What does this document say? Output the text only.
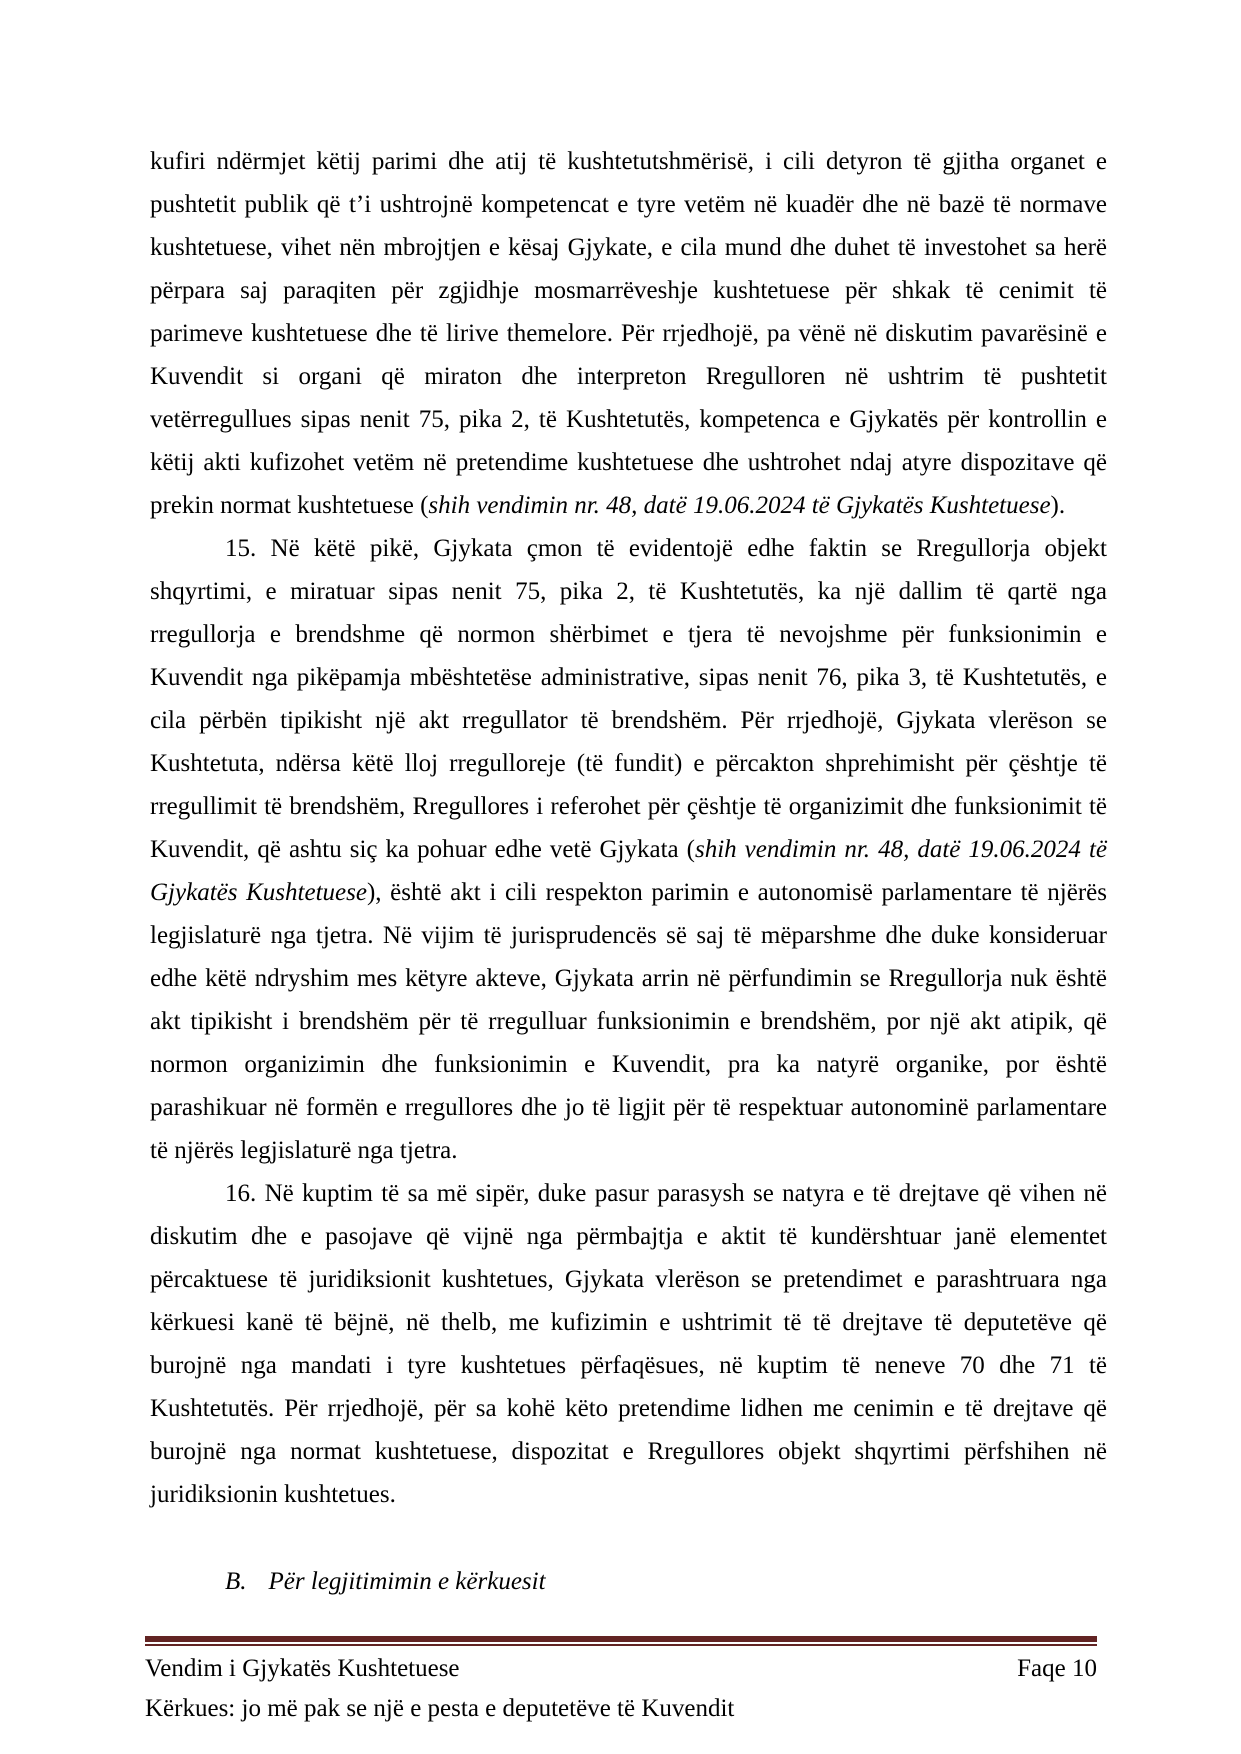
kufiri ndërmjet këtij parimi dhe atij të kushtetutshmërisë, i cili detyron të gjitha organet e pushtetit publik që t’i ushtrojnë kompetencat e tyre vetëm në kuadër dhe në bazë të normave kushtetuese, vihet nën mbrojtjen e kësaj Gjykate, e cila mund dhe duhet të investohet sa herë përpara saj paraqiten për zgjidhje mosmarrëveshje kushtetuese për shkak të cenimit të parimeve kushtetuese dhe të lirive themelore. Për rrjedhojë, pa vënë në diskutim pavarësinë e Kuvendit si organi që miraton dhe interpreton Rregulloren në ushtrim të pushtetit vetërregullues sipas nenit 75, pika 2, të Kushtetutës, kompetenca e Gjykatës për kontrollin e këtij akti kufizohet vetëm në pretendime kushtetuese dhe ushtrohet ndaj atyre dispozitave që prekin normat kushtetuese (shih vendimin nr. 48, datë 19.06.2024 të Gjykatës Kushtetuese).

15. Në këtë pikë, Gjykata çmon të evidentojë edhe faktin se Rregullorja objekt shqyrtimi, e miratuar sipas nenit 75, pika 2, të Kushtetutës, ka një dallim të qartë nga rregullorja e brendshme që normon shërbimet e tjera të nevojshme për funksionimin e Kuvendit nga pikëpamja mbështetëse administrative, sipas nenit 76, pika 3, të Kushtetutës, e cila përbën tipikisht një akt rregullator të brendshëm. Për rrjedhojë, Gjykata vlerëson se Kushtetuta, ndërsa këtë lloj rregulloreje (të fundit) e përcakton shprehimisht për çështje të rregullimit të brendshëm, Rregullores i referohet për çështje të organizimit dhe funksionimit të Kuvendit, që ashtu siç ka pohuar edhe vetë Gjykata (shih vendimin nr. 48, datë 19.06.2024 të Gjykatës Kushtetuese), është akt i cili respekton parimin e autonomisë parlamentare të njërës legjislaturë nga tjetra. Në vijim të jurisprudencës së saj të mëparshme dhe duke konsideruar edhe këtë ndryshim mes këtyre akteve, Gjykata arrin në përfundimin se Rregullorja nuk është akt tipikisht i brendshëm për të rregulluar funksionimin e brendshëm, por një akt atipik, që normon organizimin dhe funksionimin e Kuvendit, pra ka natyrë organike, por është parashikuar në formën e rregullores dhe jo të ligjit për të respektuar autonominë parlamentare të njërës legjislaturë nga tjetra.

16. Në kuptim të sa më sipër, duke pasur parasysh se natyra e të drejtave që vihen në diskutim dhe e pasojave që vijnë nga përmbajtja e aktit të kundërshtuar janë elementet përcaktuese të juridiksionit kushtetues, Gjykata vlerëson se pretendimet e parashtruara nga kërkuesi kanë të bëjnë, në thelb, me kufizimin e ushtrimit të të drejtave të deputetëve që burojnë nga mandati i tyre kushtetues përfaqësues, në kuptim të neneve 70 dhe 71 të Kushtetutës. Për rrjedhojë, për sa kohë këto pretendime lidhen me cenimin e të drejtave që burojnë nga normat kushtetuese, dispozitat e Rregullores objekt shqyrtimi përfshihen në juridiksionin kushtetues.

B. Për legjitimimin e kërkuesit
Vendim i Gjykatës Kushtetuese	Faqe 10
Kërkues: jo më pak se një e pesta e deputetëve të Kuvendit
